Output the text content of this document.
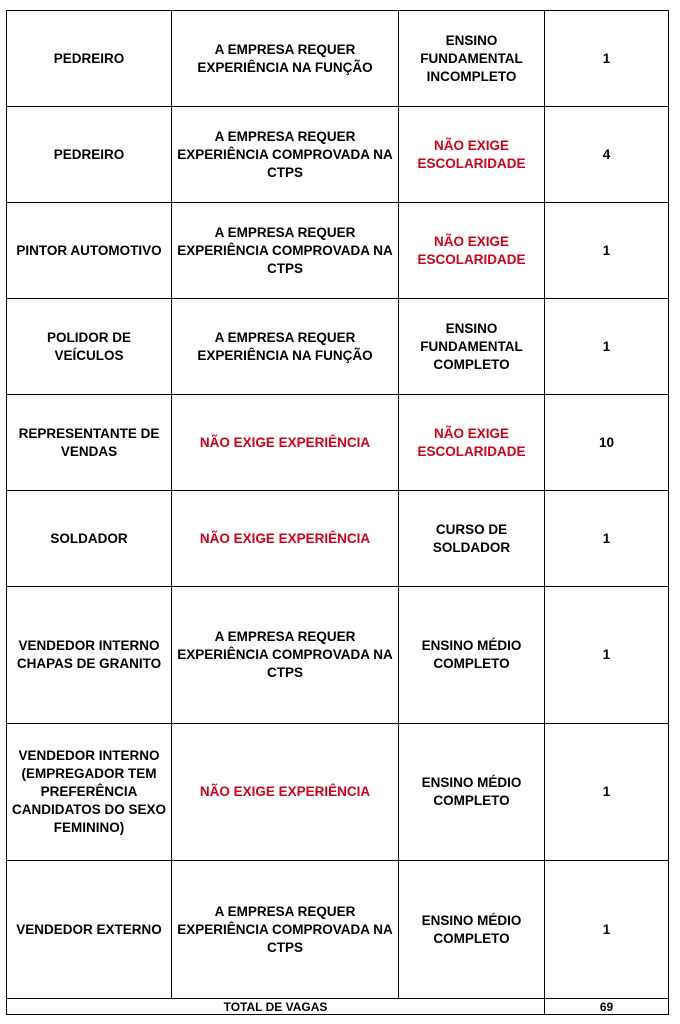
PEDREIRO	A EMPRESA REQUER EXPERIÊNCIA NA FUNÇÃO	ENSINO FUNDAMENTAL INCOMPLETO	1
PEDREIRO	A EMPRESA REQUER EXPERIÊNCIA COMPROVADA NA CTPS	NÃO EXIGE ESCOLARIDADE	4
PINTOR AUTOMOTIVO	A EMPRESA REQUER EXPERIÊNCIA COMPROVADA NA CTPS	NÃO EXIGE ESCOLARIDADE	1
POLIDOR DE VEÍCULOS	A EMPRESA REQUER EXPERIÊNCIA NA FUNÇÃO	ENSINO FUNDAMENTAL COMPLETO	1
REPRESENTANTE DE VENDAS	NÃO EXIGE EXPERIÊNCIA	NÃO EXIGE ESCOLARIDADE	10
SOLDADOR	NÃO EXIGE EXPERIÊNCIA	CURSO DE SOLDADOR	1
VENDEDOR INTERNO CHAPAS DE GRANITO	A EMPRESA REQUER EXPERIÊNCIA COMPROVADA NA CTPS	ENSINO MÉDIO COMPLETO	1
VENDEDOR INTERNO (EMPREGADOR TEM PREFERÊNCIA CANDIDATOS DO SEXO FEMININO)	NÃO EXIGE EXPERIÊNCIA	ENSINO MÉDIO COMPLETO	1
VENDEDOR EXTERNO	A EMPRESA REQUER EXPERIÊNCIA COMPROVADA NA CTPS	ENSINO MÉDIO COMPLETO	1
TOTAL DE VAGAS			69
